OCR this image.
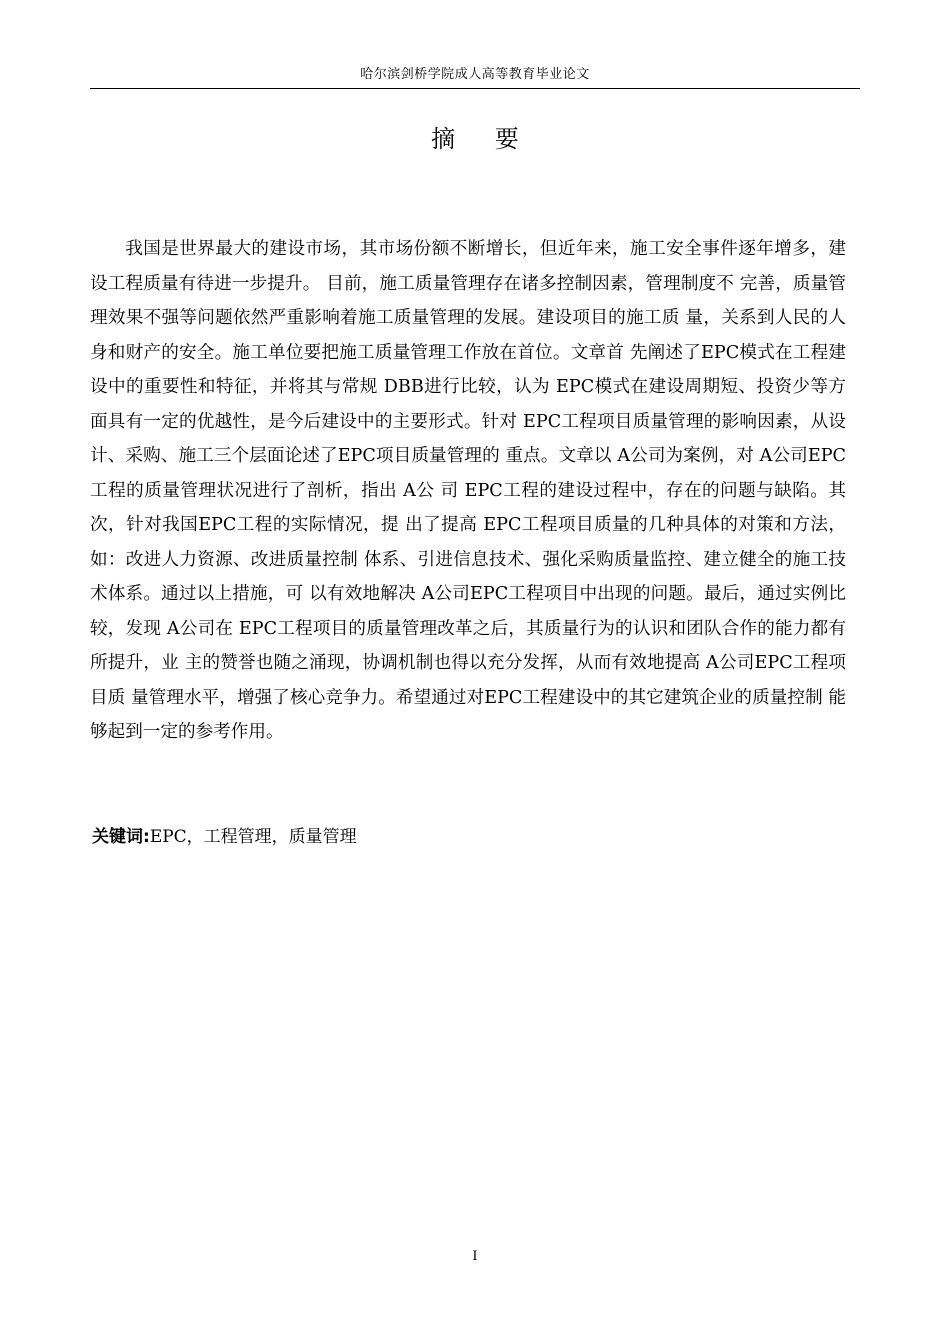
哈尔滨剑桥学院成人高等教育毕业论文
摘 要

我国是世界最大的建设市场，其市场份额不断增长，但近年来，施工安全事件逐年增多，建设工程质量有待进一步提升。 目前，施工质量管理存在诸多控制因素，管理制度不 完善，质量管理效果不强等问题依然严重影响着施工质量管理的发展。建设项目的施工质 量，关系到人民的人身和财产的安全。施工单位要把施工质量管理工作放在首位。文章首 先阐述了EPC模式在工程建设中的重要性和特征，并将其与常规 DBB进行比较，认为 EPC模式在建设周期短、投资少等方面具有一定的优越性，是今后建设中的主要形式。针对 EPC工程项目质量管理的影响因素，从设计、采购、施工三个层面论述了EPC项目质量管理的 重点。文章以 A公司为案例，对 A公司EPC工程的质量管理状况进行了剖析，指出 A公 司 EPC工程的建设过程中，存在的问题与缺陷。其次，针对我国EPC工程的实际情况，提 出了提高 EPC工程项目质量的几种具体的对策和方法，如：改进人力资源、改进质量控制 体系、引进信息技术、强化采购质量监控、建立健全的施工技术体系。通过以上措施，可 以有效地解决 A公司EPC工程项目中出现的问题。最后，通过实例比较，发现 A公司在 EPC工程项目的质量管理改革之后，其质量行为的认识和团队合作的能力都有所提升，业 主的赞誉也随之涌现，协调机制也得以充分发挥，从而有效地提高 A公司EPC工程项目质 量管理水平，增强了核心竞争力。希望通过对EPC工程建设中的其它建筑企业的质量控制 能够起到一定的参考作用。

关键词:EPC，工程管理，质量管理
I
